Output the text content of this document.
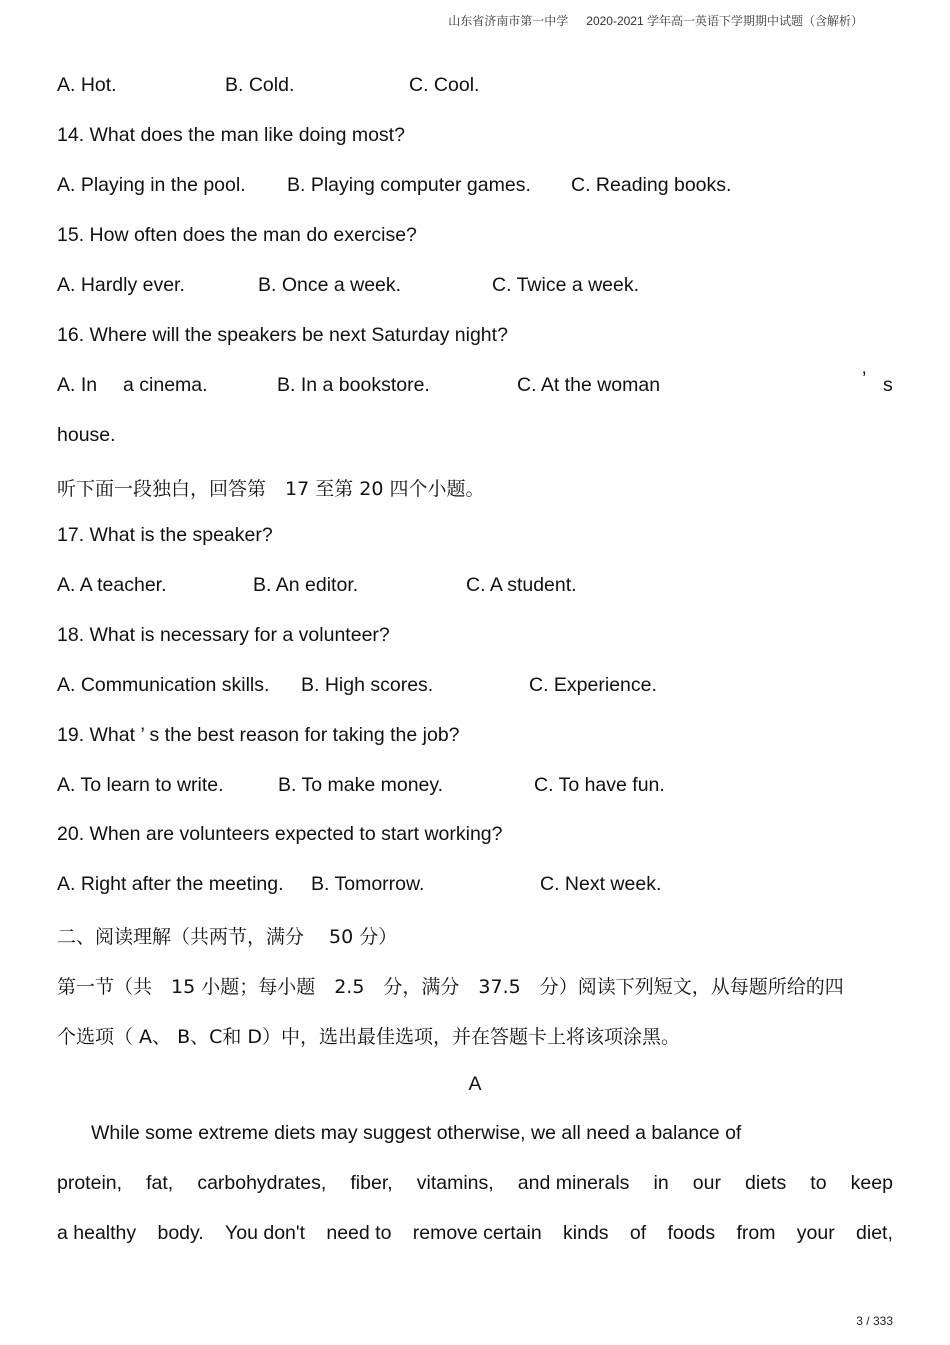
山东省济南市第一中学 2020-2021 学年高一英语下学期期中试题（含解析）
A. Hot.	B. Cold.	C. Cool.
14. What does the man like doing most?
A. Playing in the pool. B. Playing computer games. C. Reading books.
15. How often does the man do exercise?
A. Hardly ever.	B. Once a week.	C. Twice a week.
16. Where will the speakers be next Saturday night?
A. In a cinema.	B. In a bookstore.	C. At the woman	’ s
house.
听下面一段独白，回答第　17 至第 20 四个小题。
17. What is the speaker?
A. A teacher.	B. An editor.	C. A student.
18. What is necessary for a volunteer?
A. Communication skills. B. High scores.	C. Experience.
19. What ’ s the best reason for taking the job?
A. To learn to write.	B. To make money.	C. To have fun.
20. When are volunteers expected to start working?
A. Right after the meeting. B. Tomorrow.	C. Next week.
二、阅读理解（共两节，满分　 50 分）
第一节（共　15 小题；每小题　2.5　分，满分　37.5　分）阅读下列短文，从每题所给的四
个选项（ A、 B、C和 D）中，选出最佳选项，并在答题卡上将该项涂黑。
A
While some extreme diets may suggest otherwise, we all need a balance of
protein, fat, carbohydrates, fiber, vitamins, and minerals in our diets to keep
a healthy body. You don't need to remove certain kinds of foods from your diet,
3 / 333
